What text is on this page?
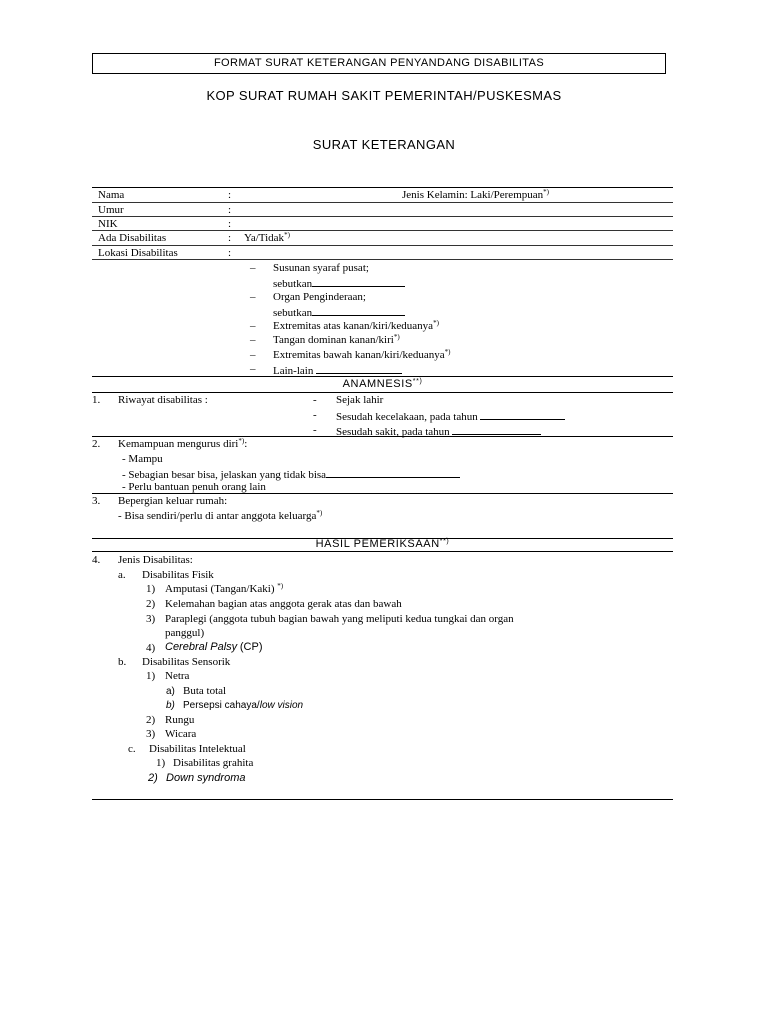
FORMAT SURAT KETERANGAN PENYANDANG DISABILITAS
KOP SURAT RUMAH SAKIT PEMERINTAH/PUSKESMAS
SURAT KETERANGAN
Nama	:	Jenis Kelamin: Laki/Perempuan*)
Umur	:
NIK	:
Ada Disabilitas	: Ya/Tidak*)
Lokasi Disabilitas	:
– Susunan syaraf pusat;
sebutkan
– Organ Penginderaan;
sebutkan
– Extremitas atas kanan/kiri/keduanya*)
– Tangan dominan kanan/kiri*)
– Extremitas bawah kanan/kiri/keduanya*)
– Lain-lain
ANAMNESIS**)
1. Riwayat disabilitas :	- Sejak lahir
- Sesudah kecelakaan, pada tahun
- Sesudah sakit, pada tahun
2. Kemampuan mengurus diri*):
- Mampu
- Sebagian besar bisa, jelaskan yang tidak bisa
- Perlu bantuan penuh orang lain
3. Bepergian keluar rumah:
- Bisa sendiri/perlu di antar anggota keluarga*)
HASIL PEMERIKSAAN**)
4. Jenis Disabilitas:
a. Disabilitas Fisik
1) Amputasi (Tangan/Kaki) *)
2) Kelemahan bagian atas anggota gerak atas dan bawah
3) Paraplegi (anggota tubuh bagian bawah yang meliputi kedua tungkai dan organ
panggul)
4) Cerebral Palsy (CP)
b. Disabilitas Sensorik
1) Netra
a) Buta total
b) Persepsi cahaya/low vision
2) Rungu
3) Wicara
c. Disabilitas Intelektual
1) Disabilitas grahita
2) Down syndroma
